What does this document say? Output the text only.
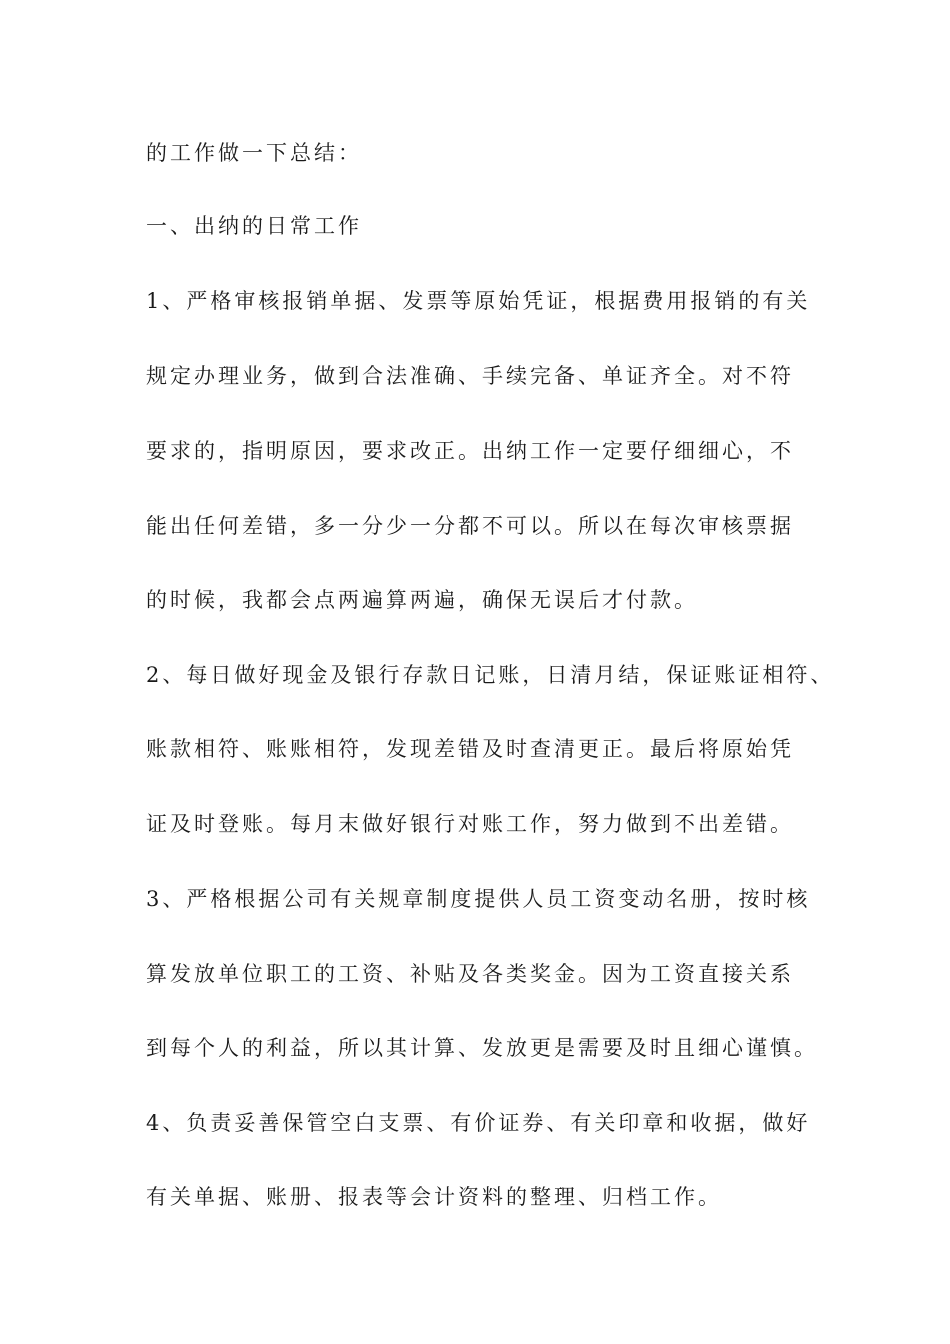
的工作做一下总结：

一、出纳的日常工作

1、严格审核报销单据、发票等原始凭证，根据费用报销的有关

规定办理业务，做到合法准确、手续完备、单证齐全。对不符

要求的，指明原因，要求改正。出纳工作一定要仔细细心，不

能出任何差错，多一分少一分都不可以。所以在每次审核票据

的时候，我都会点两遍算两遍，确保无误后才付款。

2、每日做好现金及银行存款日记账，日清月结，保证账证相符、

账款相符、账账相符，发现差错及时查清更正。最后将原始凭

证及时登账。每月末做好银行对账工作，努力做到不出差错。

3、严格根据公司有关规章制度提供人员工资变动名册，按时核

算发放单位职工的工资、补贴及各类奖金。因为工资直接关系

到每个人的利益，所以其计算、发放更是需要及时且细心谨慎。

4、负责妥善保管空白支票、有价证券、有关印章和收据，做好

有关单据、账册、报表等会计资料的整理、归档工作。
